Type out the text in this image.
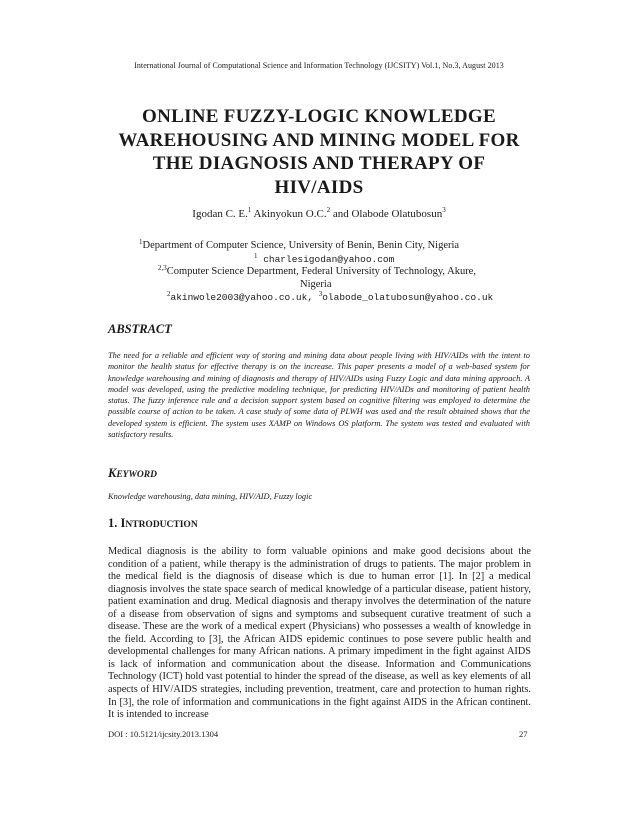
International Journal of Computational Science and Information Technology (IJCSITY) Vol.1, No.3, August 2013
ONLINE FUZZY-LOGIC KNOWLEDGE
WAREHOUSING AND MINING MODEL FOR
THE DIAGNOSIS AND THERAPY OF
HIV/AIDS
Igodan C. E.$^1$ Akinyokun O.C.$^2$ and Olabode Olatubosun$^3$
$^1$Department of Computer Science, University of Benin, Benin City, Nigeria
$^1$ charlesigodan@yahoo.com
$^{2,3}$Computer Science Department, Federal University of Technology, Akure,
Nigeria
$^2$akinwole2003@yahoo.co.uk, $^3$olabode_olatubosun@yahoo.co.uk
ABSTRACT
The need for a reliable and efficient way of storing and mining data about people living with HIV/AIDs with the intent to monitor the health status for effective therapy is on the increase. This paper presents a model of a web-based system for knowledge warehousing and mining of diagnosis and therapy of HIV/AIDs using Fuzzy Logic and data mining approach. A model was developed, using the predictive modeling technique, for predicting HIV/AIDs and monitoring of patient health status. The fuzzy inference rule and a decision support system based on cognitive filtering was employed to determine the possible course of action to be taken. A case study of some data of PLWH was used and the result obtained shows that the developed system is efficient. The system uses XAMP on Windows OS platform. The system was tested and evaluated with satisfactory results.
KEYWORD
Knowledge warehousing, data mining, HIV/AID, Fuzzy logic
1. INTRODUCTION
Medical diagnosis is the ability to form valuable opinions and make good decisions about the condition of a patient, while therapy is the administration of drugs to patients. The major problem in the medical field is the diagnosis of disease which is due to human error [1]. In [2] a medical diagnosis involves the state space search of medical knowledge of a particular disease, patient history, patient examination and drug. Medical diagnosis and therapy involves the determination of the nature of a disease from observation of signs and symptoms and subsequent curative treatment of such a disease. These are the work of a medical expert (Physicians) who possesses a wealth of knowledge in the field. According to [3], the African AIDS epidemic continues to pose severe public health and developmental challenges for many African nations. A primary impediment in the fight against AIDS is lack of information and communication about the disease. Information and Communications Technology (ICT) hold vast potential to hinder the spread of the disease, as well as key elements of all aspects of HIV/AIDS strategies, including prevention, treatment, care and protection to human rights. In [3], the role of information and communications in the fight against AIDS in the African continent. It is intended to increase
DOI : 10.5121/ijcsity.2013.1304	27
